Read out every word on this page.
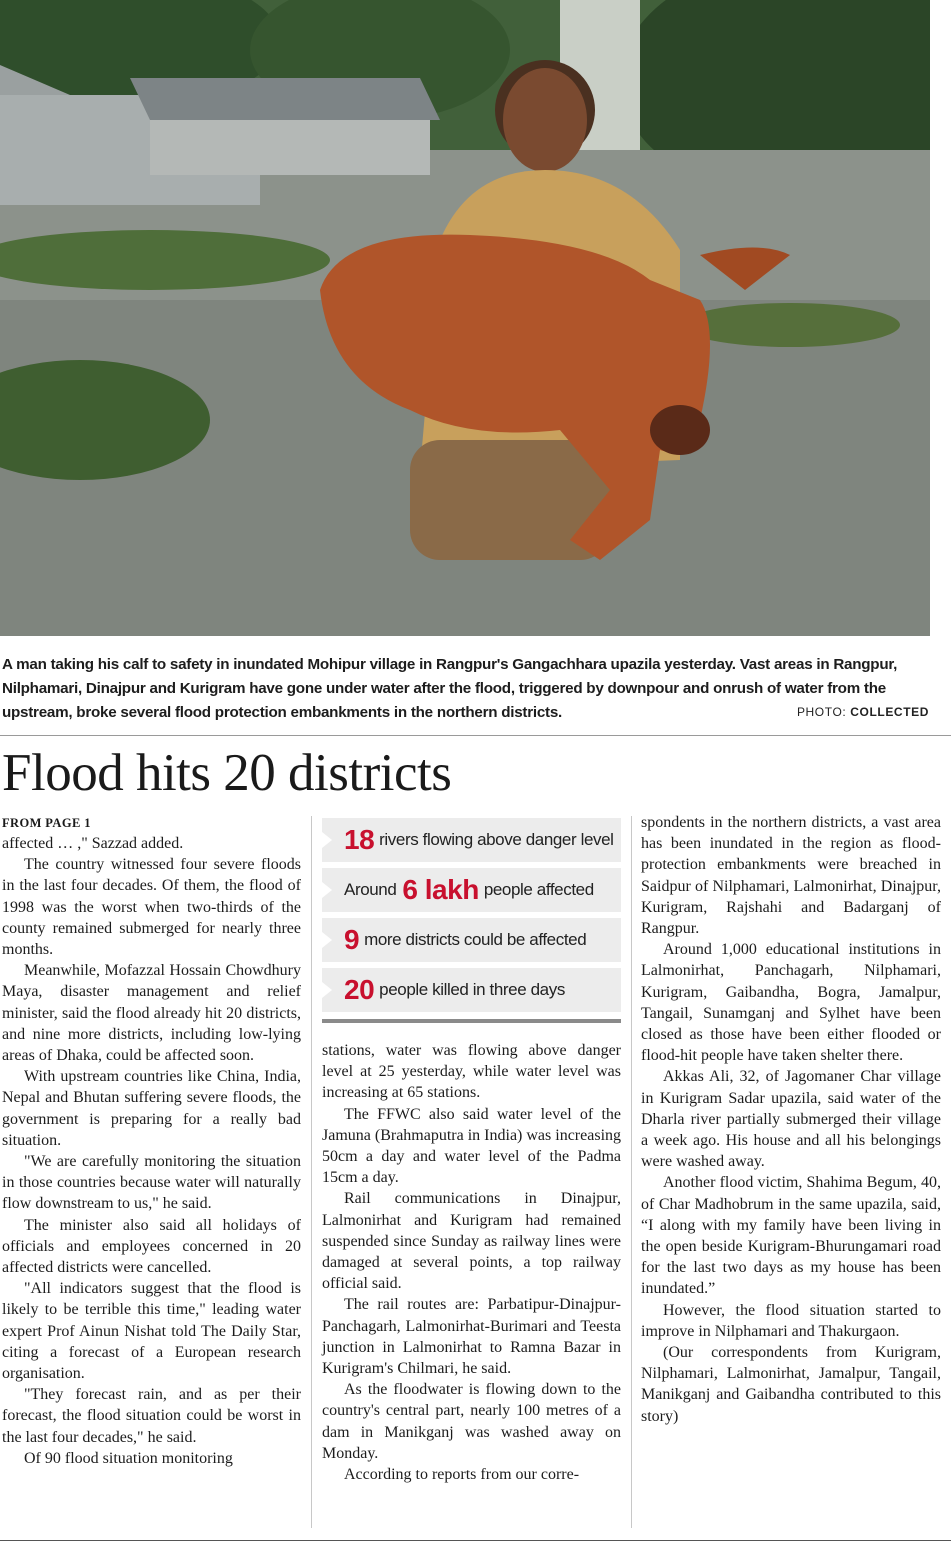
A man taking his calf to safety in inundated Mohipur village in Rangpur's Gangachhara upazila yesterday. Vast areas in Rangpur, Nilphamari, Dinajpur and Kurigram have gone under water after the flood, triggered by downpour and onrush of water from the upstream, broke several flood protection embankments in the northern districts.	PHOTO: COLLECTED
Flood hits 20 districts
FROM PAGE 1

affected … ," Sazzad added.

The country witnessed four severe floods in the last four decades. Of them, the flood of 1998 was the worst when two-thirds of the county remained submerged for nearly three months.

Meanwhile, Mofazzal Hossain Chowdhury Maya, disaster management and relief minister, said the flood already hit 20 districts, and nine more districts, including low-lying areas of Dhaka, could be affected soon.

With upstream countries like China, India, Nepal and Bhutan suffering severe floods, the government is preparing for a really bad situation.

"We are carefully monitoring the situation in those countries because water will naturally flow downstream to us," he said.

The minister also said all holidays of officials and employees concerned in 20 affected districts were cancelled.

"All indicators suggest that the flood is likely to be terrible this time," leading water expert Prof Ainun Nishat told The Daily Star, citing a forecast of a European research organisation.

"They forecast rain, and as per their forecast, the flood situation could be worst in the last four decades," he said.

Of 90 flood situation monitoring

18 rivers flowing above danger level
Around 6 lakh people affected
9 more districts could be affected
20 people killed in three days

stations, water was flowing above danger level at 25 yesterday, while water level was increasing at 65 stations.

The FFWC also said water level of the Jamuna (Brahmaputra in India) was increasing 50cm a day and water level of the Padma 15cm a day.

Rail communications in Dinajpur, Lalmonirhat and Kurigram had remained suspended since Sunday as railway lines were damaged at several points, a top railway official said.

The rail routes are: Parbatipur-Dinajpur-Panchagarh, Lalmonirhat-Burimari and Teesta junction in Lalmonirhat to Ramna Bazar in Kurigram's Chilmari, he said.

As the floodwater is flowing down to the country's central part, nearly 100 metres of a dam in Manikganj was washed away on Monday.

According to reports from our corre-

spondents in the northern districts, a vast area has been inundated in the region as flood-protection embankments were breached in Saidpur of Nilphamari, Lalmonirhat, Dinajpur, Kurigram, Rajshahi and Badarganj of Rangpur.

Around 1,000 educational institutions in Lalmonirhat, Panchagarh, Nilphamari, Kurigram, Gaibandha, Bogra, Jamalpur, Tangail, Sunamganj and Sylhet have been closed as those have been either flooded or flood-hit people have taken shelter there.

Akkas Ali, 32, of Jagomaner Char village in Kurigram Sadar upazila, said water of the Dharla river partially submerged their village a week ago. His house and all his belongings were washed away.

Another flood victim, Shahima Begum, 40, of Char Madhobrum in the same upazila, said, “I along with my family have been living in the open beside Kurigram-Bhurungamari road for the last two days as my house has been inundated.”

However, the flood situation started to improve in Nilphamari and Thakurgaon.

(Our correspondents from Kurigram, Nilphamari, Lalmonirhat, Jamalpur, Tangail, Manikganj and Gaibandha contributed to this story)
